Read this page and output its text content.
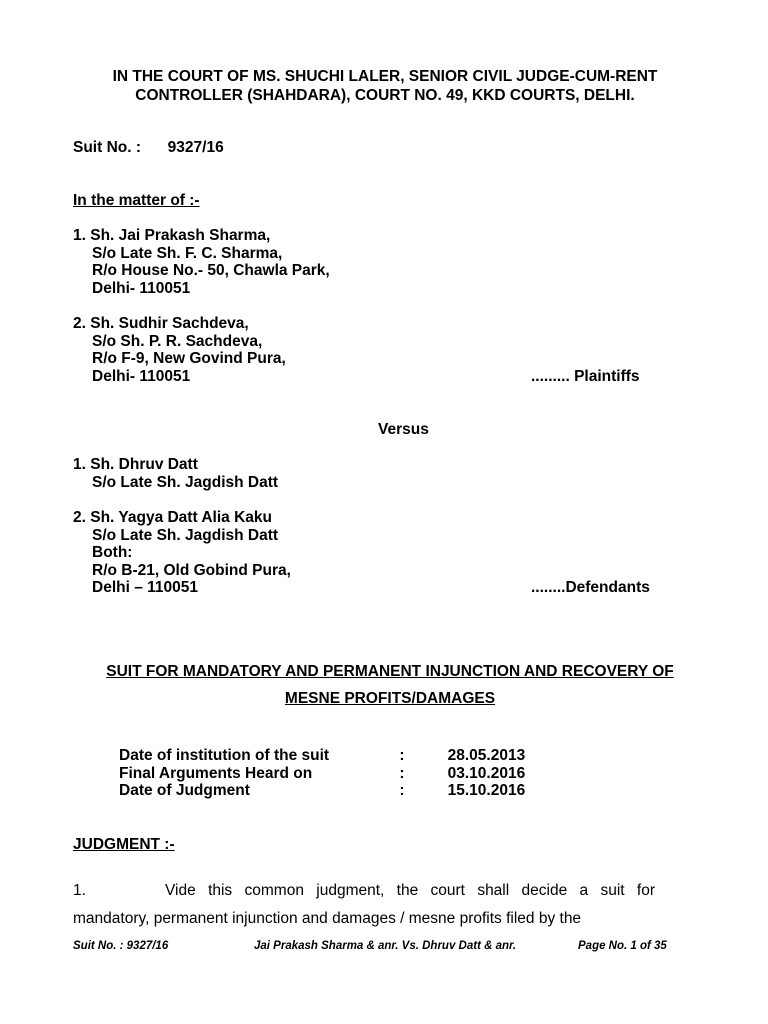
IN THE COURT OF MS. SHUCHI LALER, SENIOR CIVIL JUDGE-CUM-RENT
CONTROLLER (SHAHDARA), COURT NO. 49, KKD COURTS, DELHI.
Suit No. : 9327/16
In the matter of :-
1. Sh. Jai Prakash Sharma,
S/o Late Sh. F. C. Sharma,
R/o House No.- 50, Chawla Park,
Delhi- 110051
2. Sh. Sudhir Sachdeva,
S/o Sh. P. R. Sachdeva,
R/o F-9, New Govind Pura,
Delhi- 110051	......... Plaintiffs
Versus
1. Sh. Dhruv Datt
S/o Late Sh. Jagdish Datt
2. Sh. Yagya Datt Alia Kaku
S/o Late Sh. Jagdish Datt
Both:
R/o B-21, Old Gobind Pura,
Delhi – 110051	........Defendants
SUIT FOR MANDATORY AND PERMANENT INJUNCTION AND RECOVERY OF
MESNE PROFITS/DAMAGES
Date of institution of the suit	:	28.05.2013
Final Arguments Heard on	:	03.10.2016
Date of Judgment	:	15.10.2016
JUDGMENT :-
1.	Vide this common judgment, the court shall decide a suit for mandatory, permanent injunction and damages / mesne profits filed by the
Suit No. : 9327/16	Jai Prakash Sharma & anr. Vs. Dhruv Datt & anr.	Page No. 1 of 35
